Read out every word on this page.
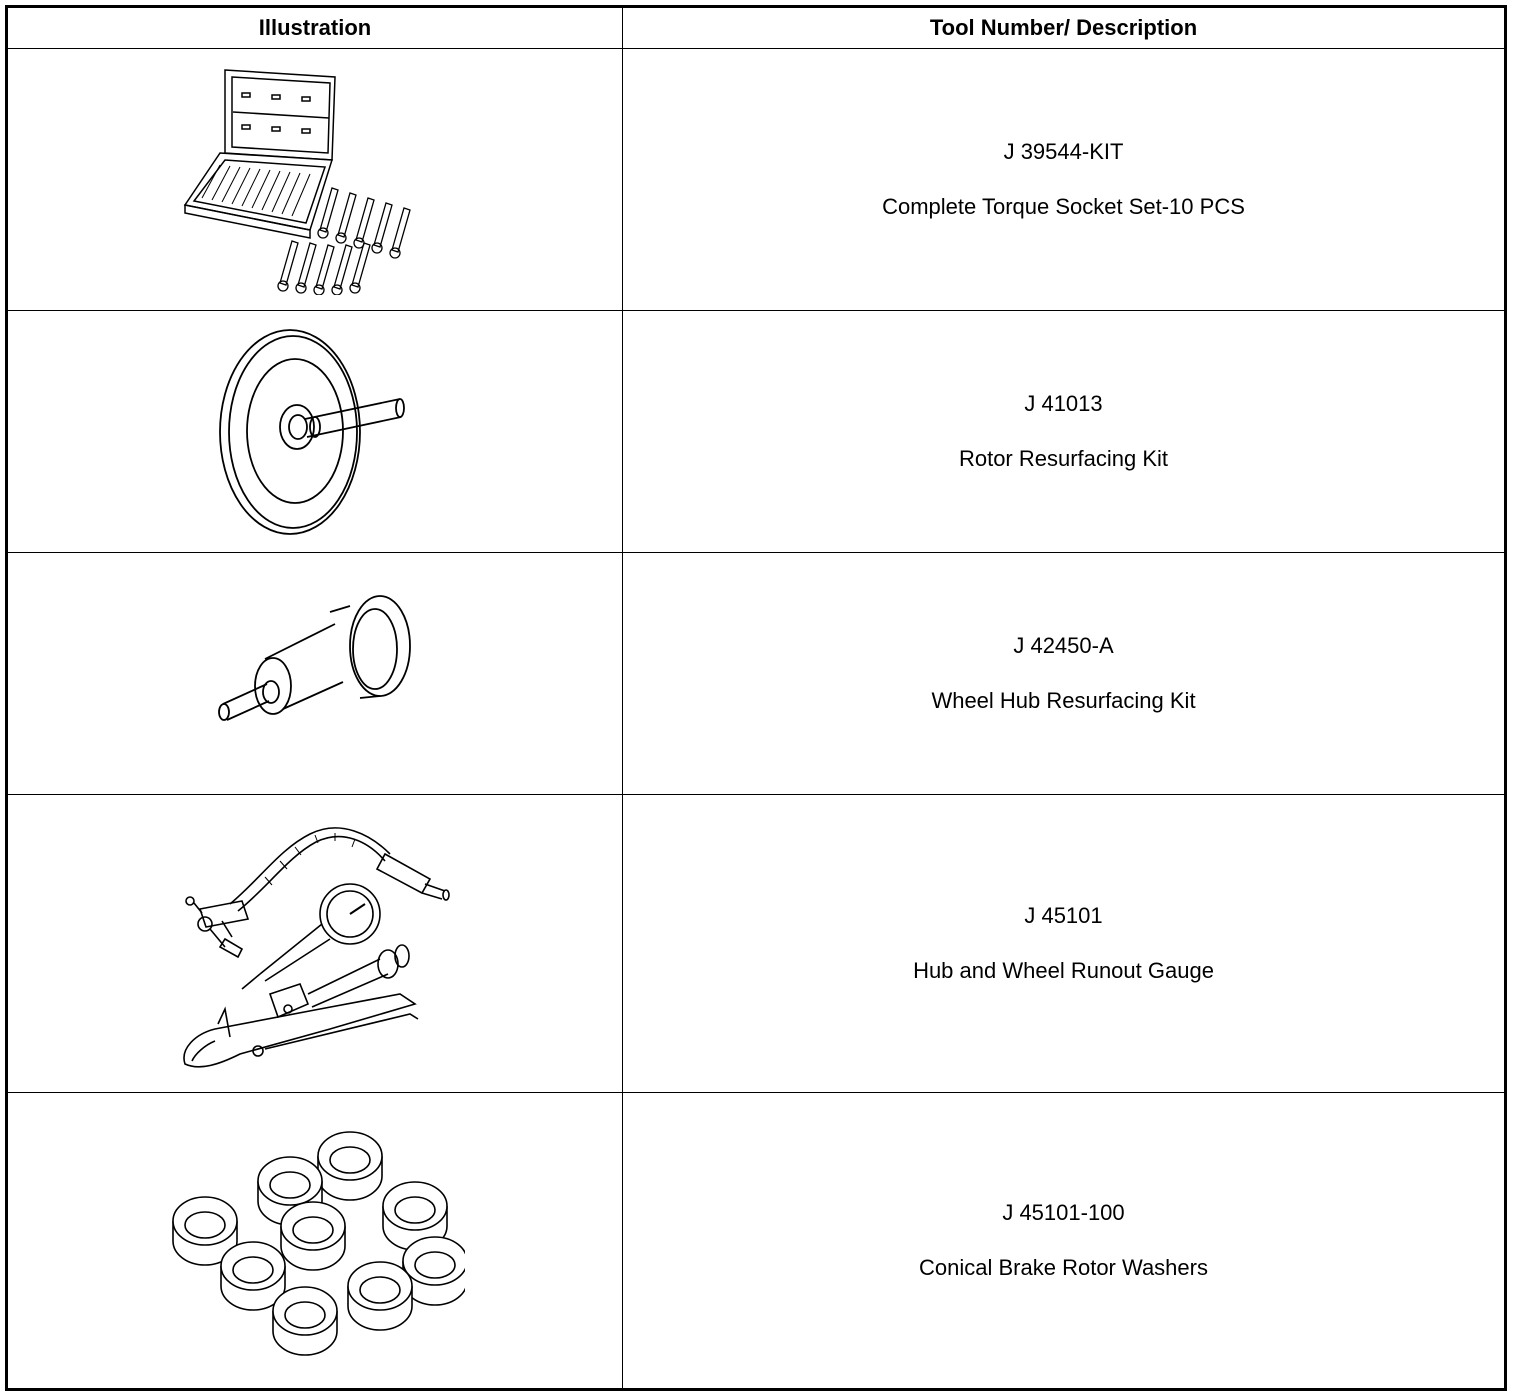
Illustration	Tool Number/ Description
J 39544-KIT
Complete Torque Socket Set-10 PCS
J 41013
Rotor Resurfacing Kit
J 42450-A
Wheel Hub Resurfacing Kit
J 45101
Hub and Wheel Runout Gauge
J 45101-100
Conical Brake Rotor Washers
